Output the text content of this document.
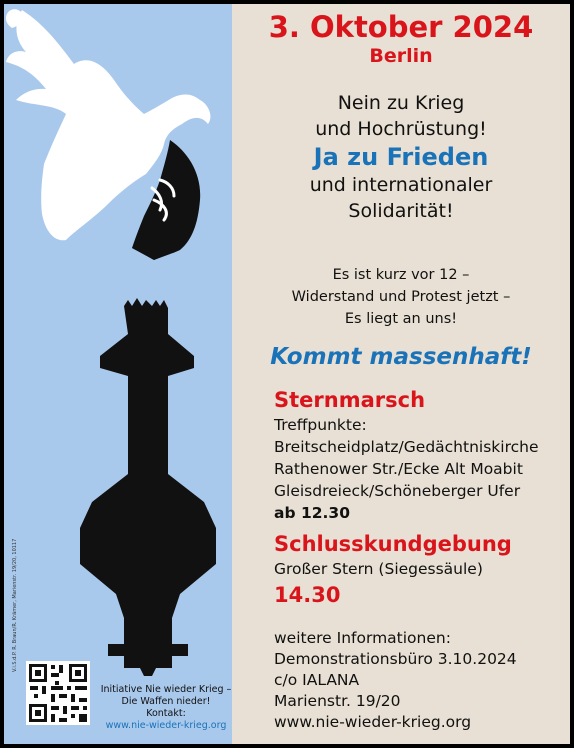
V.i.S.d.P. R. Braun/R. Krämer, Marienstr. 19/20, 10117
Initiative Nie wieder Krieg –
Die Waffen nieder!
Kontakt:
www.nie-wieder-krieg.org
3. Oktober 2024
Berlin
Nein zu Krieg
und Hochrüstung!
Ja zu Frieden
und internationaler
Solidarität!
Es ist kurz vor 12 –
Widerstand und Protest jetzt –
Es liegt an uns!
Kommt massenhaft!
Sternmarsch
Treffpunkte:
Breitscheidplatz/Gedächtniskirche
Rathenower Str./Ecke Alt Moabit
Gleisdreieck/Schöneberger Ufer
ab 12.30
Schlusskundgebung
Großer Stern (Siegessäule)
14.30
weitere Informationen:
Demonstrationsbüro 3.10.2024
c/o IALANA
Marienstr. 19/20
www.nie-wieder-krieg.org
